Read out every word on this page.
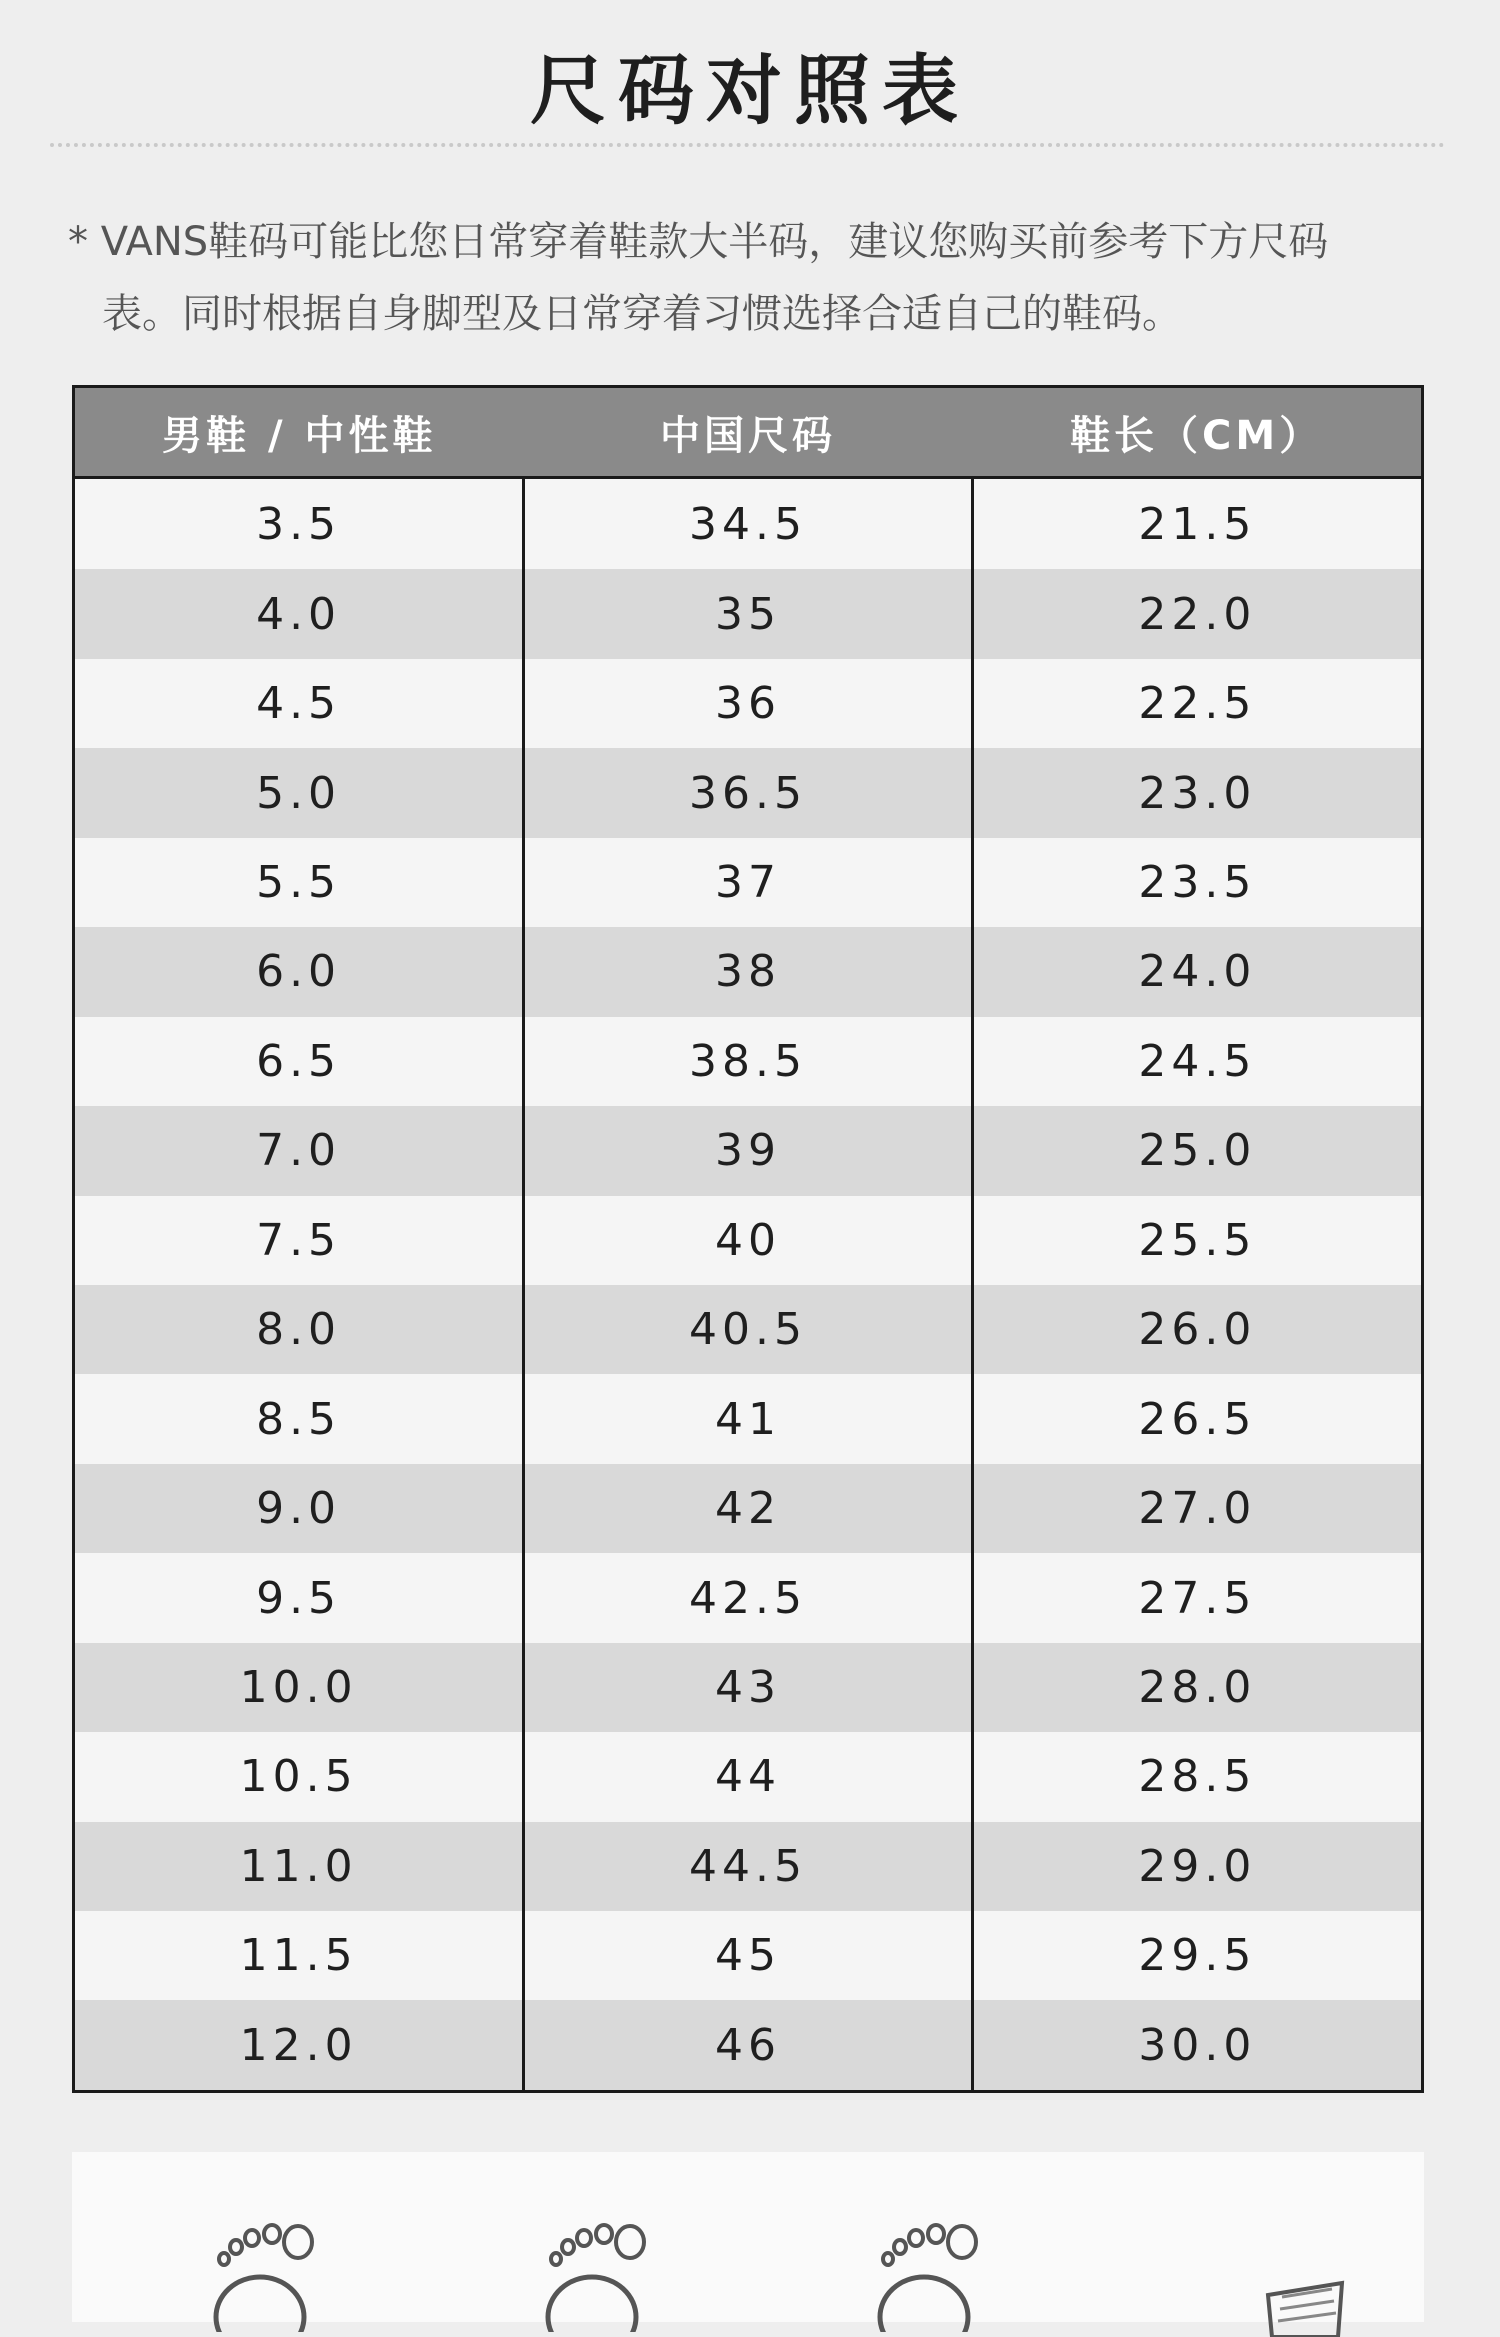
尺码对照表
* VANS鞋码可能比您日常穿着鞋款大半码，建议您购买前参考下方尺码
表。同时根据自身脚型及日常穿着习惯选择合适自己的鞋码。
男鞋 / 中性鞋	中国尺码	鞋长（CM）
3.5	34.5	21.5
4.0	35	22.0
4.5	36	22.5
5.0	36.5	23.0
5.5	37	23.5
6.0	38	24.0
6.5	38.5	24.5
7.0	39	25.0
7.5	40	25.5
8.0	40.5	26.0
8.5	41	26.5
9.0	42	27.0
9.5	42.5	27.5
10.0	43	28.0
10.5	44	28.5
11.0	44.5	29.0
11.5	45	29.5
12.0	46	30.0
